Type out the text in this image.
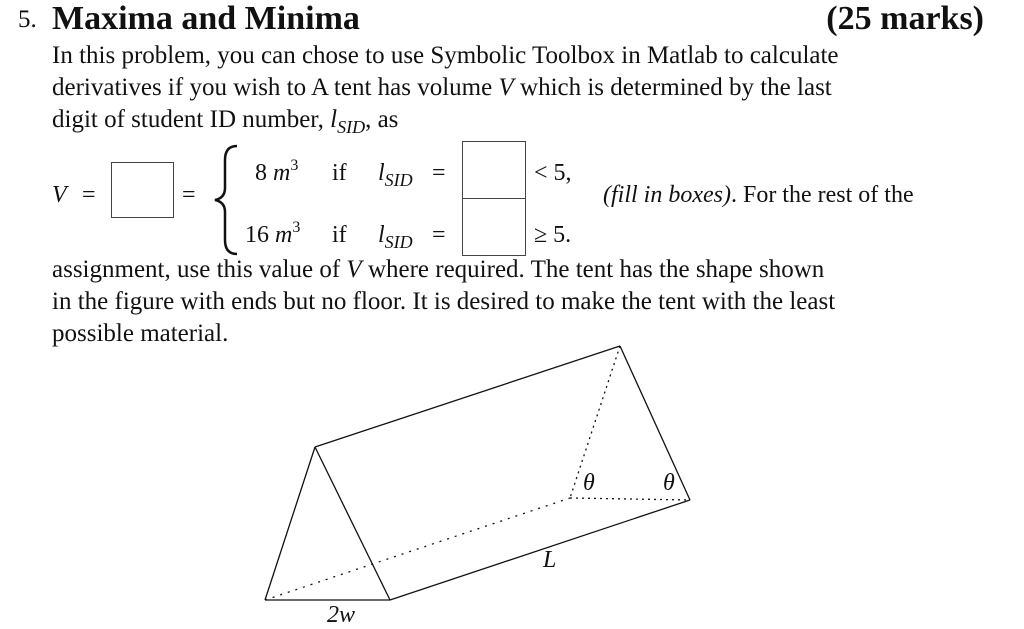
5. Maxima and Minima	(25 marks)
In this problem, you can chose to use Symbolic Toolbox in Matlab to calculate
derivatives if you wish to A tent has volume V which is determined by the last
digit of student ID number, $l_{SID}$, as
V =	=
8 $m^3$ if $l_{SID}$ =	< 5,
16 $m^3$ if $l_{SID}$ =	≥ 5.
(fill in boxes). For the rest of the
assignment, use this value of V where required. The tent has the shape shown
in the figure with ends but no floor. It is desired to make the tent with the least
possible material.
θ	θ
L
2w
